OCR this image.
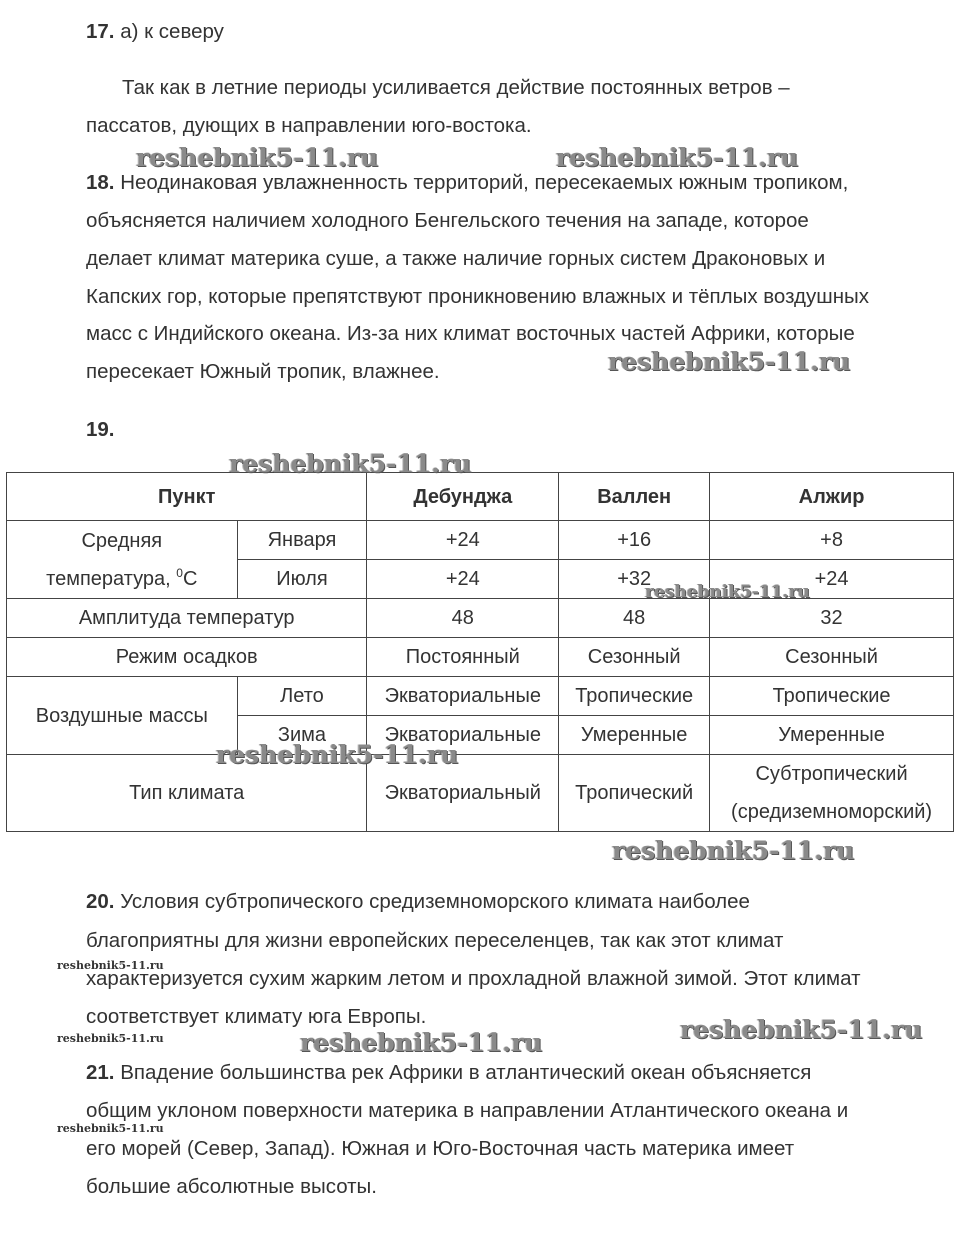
17. а) к северу
Так как в летние периоды усиливается действие постоянных ветров –
пассатов, дующих в направлении юго-востока.
18. Неодинаковая увлажненность территорий, пересекаемых южным тропиком,
объясняется наличием холодного Бенгельского течения на западе, которое
делает климат материка суше, а также наличие горных систем Драконовых и
Капских гор, которые препятствуют проникновению влажных и тёплых воздушных
масс с Индийского океана. Из-за них климат восточных частей Африки, которые
пересекает Южный тропик, влажнее.
19.
Пункт		Дебунджа	Валлен	Алжир
Средняя
температура, $^0$С	Января	+24	+16	+8
	Июля	+24	+32	+24
Амплитуда температур		48	48	32
Режим осадков		Постоянный	Сезонный	Сезонный
Воздушные массы	Лето	Экваториальные	Тропические	Тропические
	Зима	Экваториальные	Умеренные	Умеренные
Тип климата		Экваториальный	Тропический	Субтропический
(средиземноморский)
20. Условия субтропического средиземноморского климата наиболее
благоприятны для жизни европейских переселенцев, так как этот климат
характеризуется сухим жарким летом и прохладной влажной зимой. Этот климат
соответствует климату юга Европы.
21. Впадение большинства рек Африки в атлантический океан объясняется
общим уклоном поверхности материка в направлении Атлантического океана и
его морей (Север, Запад). Южная и Юго-Восточная часть материка имеет
большие абсолютные высоты.
reshebnik5-11.ru	reshebnik5-11.ru
reshebnik5-11.ru
reshebnik5-11.ru
reshebnik5-11.ru
reshebnik5-11.ru
reshebnik5-11.ru
reshebnik5-11.ru
reshebnik5-11.ru	reshebnik5-11.ru
reshebnik5-11.ru
reshebnik5-11.ru
